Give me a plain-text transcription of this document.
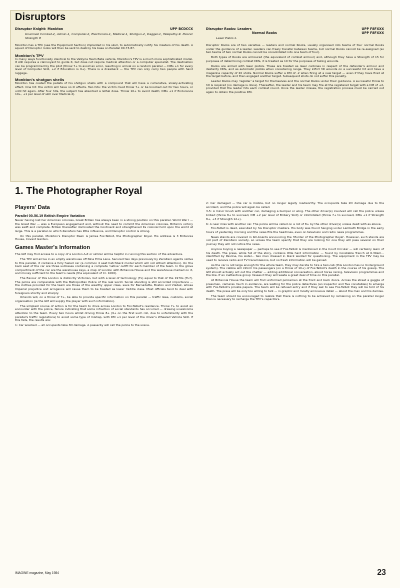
Disruptors
Disruptor Knight: Monkton	UPP BCDCCX
Unarmed Combat-2, Admin-1, Computer-2, Electronics-1, Medical-1, Shotgun-2, Dagger-1, Telepathy-9. Psionic Strength 8

Monkton has a TPC (see the Equipment Section) implanted in his skull, to automatically notify his masters of his death. A squad of Disruptor rooks will then be sent to destroy his base on Parallel 00-73-87.

Monkton's TPV

In many ways functionally identical to the Valkyrie Team Beta vehicle, Monkton's TPV is a much more sophisticated model. It still requires a clairvoyant to guide it, but does not require medical attention or a computer specialist. The destination can be programmed by the pilot (throw 7+ to avoid an error, resulting in arrival on a random parallel — DMs +1 for every level of Computer Skill, +2 if Education is 9+). There is a drawback — the TPV can only carry two people with hand luggage.

Monkton's shotgun shells

Monkton has coated the pellets of his shotgun shells with a compound that will have a cumulative, slowly-activating effect. One hit: the victim will have no ill effects. Two hits: the victim must throw 7+ or be knocked out for two hours, or until hit again. After four hits, the subject has absorbed a lethal dose. Throw 10+ to avoid death; DMs +1 if Endurance 10+, +1 per level of skill over Medical-2).

Disruptor Rooks: Leaders	UPP F8FXXX
Normal Rooks	UPP F8FXXX
Laser Pistol-1.

Disruptor Rooks are of two varieties — leaders and normal Rooks, usually organised into teams of four normal Rooks under the guidance of a leader. Leaders can freely transfer between teams, but normal Rooks cannot be re-assigned (so two teams of two normal Rooks cannot be consolidated into one team of four).

Both types of Rooks are armoured (the equivalent of combat armour) and, although they have a Strength of 15 for purposes of determining combat DMs, it is treated as 10 for the purposes of taking wounds.

Rooks are armed with laser pistols. These are treated as laser carbines in respect of the defender's armour and dexterity DMs, and as automatic pistols when considering range. They inflict 3D wounds on a successful hit and have a magazine capacity of 20 shots. Normal Rooks suffer a DM of -2 when firing at a new target — even if they have fired at the target before, and then engaged another target. Subsequent shots do not suffer this penalty.

Leader Rooks may 'register' a target for themselves and the normal Rooks under their guidance. A successful throw to hit is required (no damage is done). Thereafter, the leader and his team may fire at the registered target with a DM of +2, provided that the leader hits each combat round. Once the leader misses, the registration process must be carried out again to obtain the positive DM.

1. The Photographer Royal
Players' Data
Parallel 00-56-19 British Empire Variation

Never having lost her American colonies, Great Britain has always been in a strong position on this parallel. World War I — the Great War — was a European engagement and, without the need to commit the American colonies, Britain's victory was swift and complete. Britain thereafter dominated the Continent and strengthened its colonial hold upon the world at large. This is a parallel on which ZeroZero has little influence, and Disruptor control is strong.

On this parallel, Monkton's Disruptor Pawn is James Fox-Talbot, the Photographer Royal. His address is 3 Britannia House, Covent Garden.

Games Master's Information

The GM may find access to a copy of a London A-Z or similar will be helpful in running this section of the adventure.

The TPV will arrive in an empty warehouse off Nine Elms Lane. Secured two days previously by ZeroZero agents native to this parallel, it contains a fully fueled car (a common 4 seat hatchback model which will not attract attention). On the back seat of the car are three suitcases containing a complete 'native' outfit for each member of the team. In the glove compartment of the car are the warehouse keys, a map of London with Britannia House and the warehouse marked on it, and money sufficient to the team's needs (the equivalent of Cr. 1000).

The flavour of this London is distinctly Victorian, but with a level of technology (TL) equal to that of the 1970s (TL7). The police are comparable with the Metropolitan Police of the real world. Social standing is still accorded importance — the clothes provided for the team are those of the wealthy upper class, save for Bernadette, Boston and Vladek, whose Imperial prejudice and arrogance will cause them to be treated as lower middle class. Most officials tend to deal with foreigners shortly and sharply.

Orlando will, on a throw of 7+, be able to provide specific information on this parallel — traffic laws, customs, social organisation (ie the GM will supply the player with such information).

The simplest course of action is for the team to drive across London to Fox-Talbot's residence. Throw 7+ to avoid an encounter with the police, failure indicating that some infraction of social standards has occurred — drawing unwelcome attention to the team. Every two hours whilst driving throw 8+ (9+ on the first such roll, due to unfamiliarity with the parallel's traffic regulations) to avoid some type of mishap, with DM +1 per level of the driver's Wheeled Vehicle Skill. If this fails, the results are:

1: Car wrecked — all occupants take 3D damage. A passerby will call the police to the scene.

2: Car damaged — the car is mobile, but no longer legally roadworthy. The occupants take 2D damage due to the accident, and the police will again be called.

3-5: A minor brush with another car, damaging a bumper or wing. The other driver(s) involved will call the police unless bribed (throw 8+ to succeed, DM +2 per level of Bribery Skill) or intimidated (throw 7+ to succeed, DMs +1 if Strength 8+, +3 if Strength 12+).

6: A near miss with another car. The police will be called on a roll of 8+ by the other driver(s) unless dealt with as above.

Fox-Talbot is dead, executed by his Disruptor masters. His body was found hanging under Lambeth Bridge in the early hours of yesterday morning and the news fills the headlines, even on television and radio news programmes.

News stands are covered in bill-boards announcing the 'Murder of the Photographer Royal'. However, such stands are not part of ZeroZero society, so unless the team specify that they are looking for one they will pass several on their journey they will not notice the news.

Anyone buying a newspaper — perhaps to see if Fox-Talbot is mentioned in the Court Circular — will certainly learn of his death. The press, while full of the story, contains little hard information — found by Constable Trench at 6.30am... identified by Pauline, his sister... two men dressed in black wanted for questioning. The equipment in the TPV may be used to receive radio and TV transmissions, but no fresh information will be gained.

As the car is not large enough for the whole team, they may decide to hire a taxi-cab (this London has no Underground system). The cabbie will inform his passengers (on a throw of 10+) of Fox-Talbot's death in the course of his gossip. The GM should actually act out the chatter — adding additional conversation, about horse racing, television programmes and the like. If an inattentive group misses it they will waste a great deal of time on this parallel.

At Britannia House the team will find uniformed policemen at the front and back doors. Across the street a gaggle of pressmen, cameras much in evidence, are waiting for the police detectives (an inspector and five constables) to emerge with Fox-Talbot's private papers. The team will be refused entry and if they ask to see Fox-Talbot they will be told of his death. The press will be only too willing to talk — in graphic and mostly erroneous detail — about the man and his demise.

The team should be encouraged to realize that there is nothing to be achieved by remaining on the parallel longer than is necessary to recharge the TPV's capacitors.

IMAGINE magazine, May 1984	23
